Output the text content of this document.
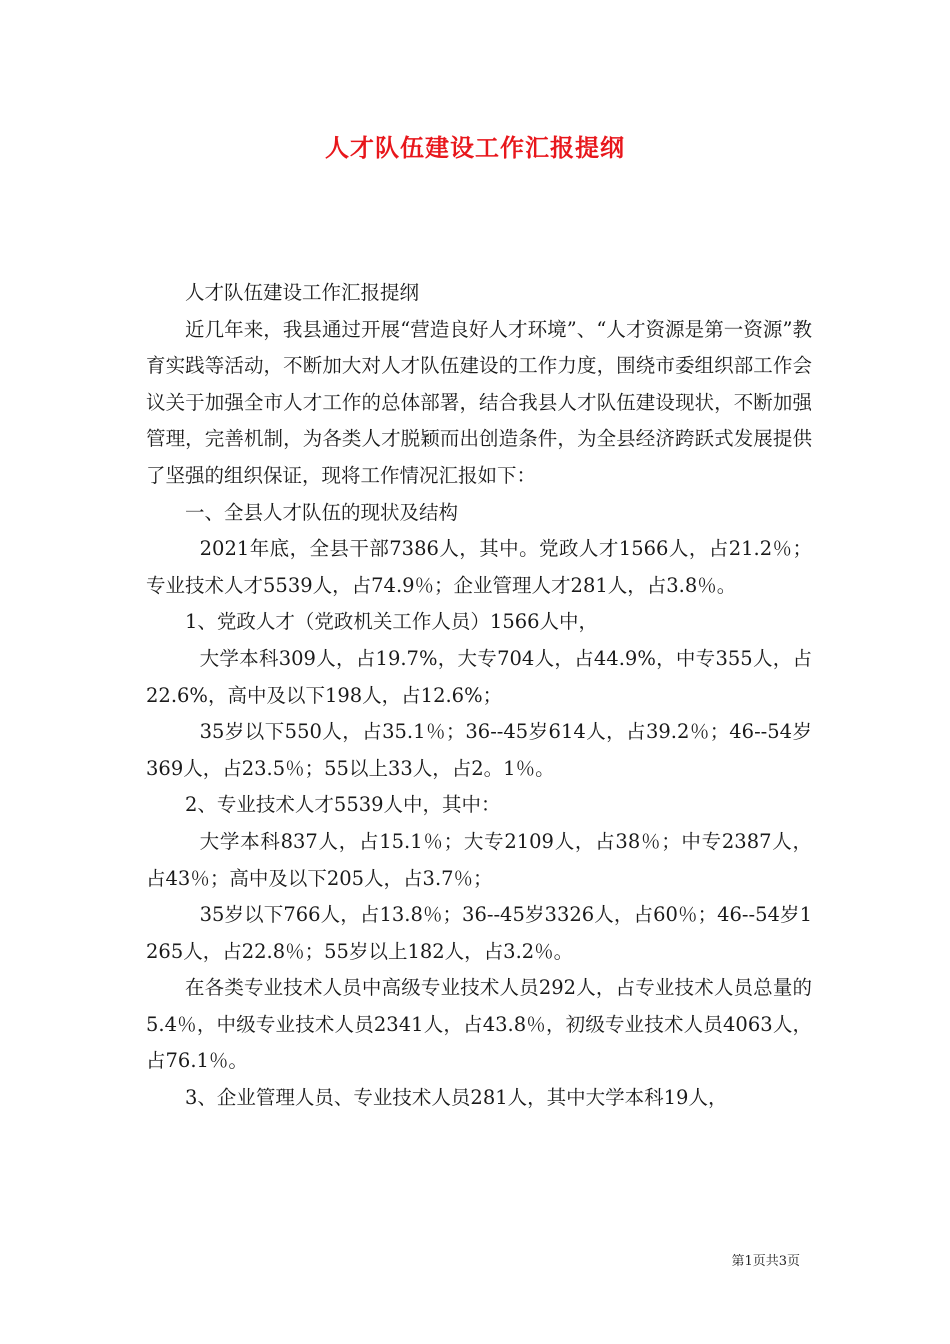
人才队伍建设工作汇报提纲

人才队伍建设工作汇报提纲

近几年来，我县通过开展“营造良好人才环境”、“人才资源是第一资源”教育实践等活动，不断加大对人才队伍建设的工作力度，围绕市委组织部工作会议关于加强全市人才工作的总体部署，结合我县人才队伍建设现状，不断加强管理，完善机制，为各类人才脱颖而出创造条件，为全县经济跨跃式发展提供了坚强的组织保证，现将工作情况汇报如下：

一、全县人才队伍的现状及结构

2021年底，全县干部7386人，其中。党政人才1566人，占21.2％；专业技术人才5539人，占74.9％；企业管理人才281人，占3.8％。

1、党政人才（党政机关工作人员）1566人中，

大学本科309人，占19.7%，大专704人，占44.9%，中专355人，占22.6%，高中及以下198人，占12.6%；

35岁以下550人，占35.1％；36--45岁614人，占39.2％；46--54岁369人，占23.5％；55以上33人，占2。1％。

2、专业技术人才5539人中，其中：

大学本科837人，占15.1％；大专2109人，占38％；中专2387人，占43％；高中及以下205人，占3.7％；

35岁以下766人，占13.8％；36--45岁3326人，占60％；46--54岁1265人，占22.8％；55岁以上182人，占3.2％。

在各类专业技术人员中高级专业技术人员292人，占专业技术人员总量的5.4％，中级专业技术人员2341人，占43.8％，初级专业技术人员4063人，占76.1％。

3、企业管理人员、专业技术人员281人，其中大学本科19人，

第1页共3页
